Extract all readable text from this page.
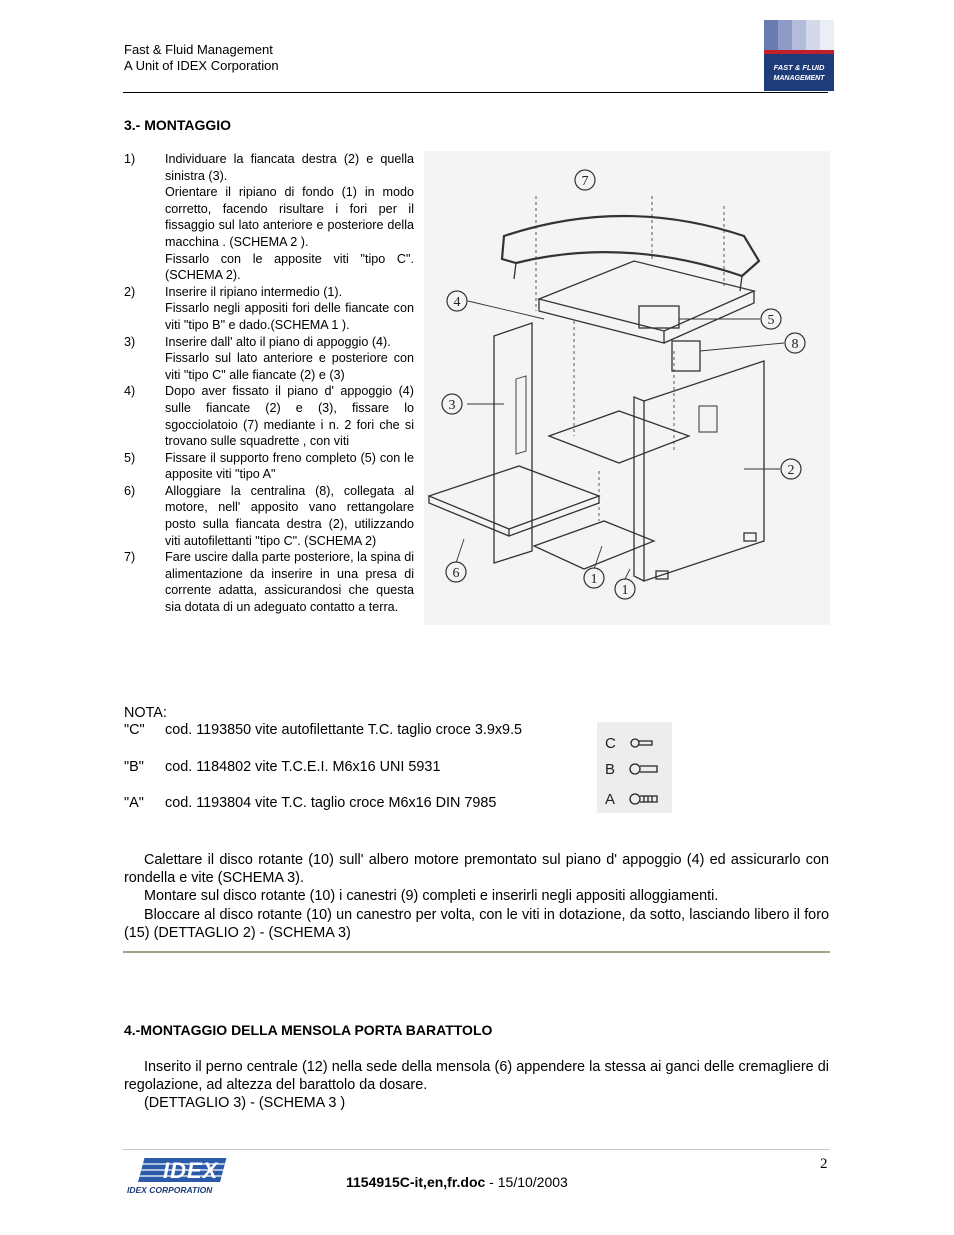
Fast & Fluid Management
A Unit of IDEX Corporation	FAST & FLUID
MANAGEMENT
3.- MONTAGGIO
1)	Individuare la fiancata destra (2) e quella sinistra (3).

Orientare il ripiano di fondo (1) in modo corretto, facendo risultare i fori per il fissaggio sul lato anteriore e posteriore della macchina . (SCHEMA 2 ).

Fissarlo con le apposite viti "tipo C". (SCHEMA 2).

2)	Inserire il ripiano intermedio (1).

Fissarlo negli appositi fori delle fiancate con viti "tipo B" e dado.(SCHEMA 1 ).

3)	Inserire dall' alto il piano di appoggio (4).

Fissarlo sul lato anteriore e posteriore con viti "tipo C" alle fiancate (2) e (3)

4)	Dopo aver fissato il piano d' appoggio (4) sulle fiancate (2) e (3), fissare lo sgocciolatoio (7) mediante i n. 2 fori che si trovano sulle squadrette , con viti

5)	Fissare il supporto freno completo (5) con le apposite viti "tipo A"

6)	Alloggiare la centralina (8), collegata al motore, nell' apposito vano rettangolare posto sulla fiancata destra (2), utilizzando viti autofilettanti "tipo C". (SCHEMA 2)

7)	Fare uscire dalla parte posteriore, la spina di alimentazione da inserire in una presa di corrente adatta, assicurandosi che questa sia dotata di un adeguato contatto a terra.

7
4
5
8
3
2
6	1
1
NOTA:
"C" cod. 1193850 vite autofilettante T.C. taglio croce 3.9x9.5
"B" cod. 1184802 vite T.C.E.I. M6x16 UNI 5931
"A" cod. 1193804 vite T.C. taglio croce M6x16 DIN 7985
C
B
A

Calettare il disco rotante (10) sull' albero motore premontato sul piano d' appoggio (4) ed assicurarlo con rondella e vite (SCHEMA 3).

Montare sul disco rotante (10) i canestri (9) completi e inserirli negli appositi alloggiamenti.

Bloccare al disco rotante (10) un canestro per volta, con le viti in dotazione, da sotto, lasciando libero il foro (15) (DETTAGLIO 2) - (SCHEMA 3)

4.-MONTAGGIO DELLA MENSOLA PORTA BARATTOLO

Inserito il perno centrale (12) nella sede della mensola (6) appendere la stessa ai ganci delle cremagliere di regolazione, ad altezza del barattolo da dosare.

(DETTAGLIO 3) - (SCHEMA 3 )

2
IDEX
IDEX CORPORATION	1154915C-it,en,fr.doc - 15/10/2003
